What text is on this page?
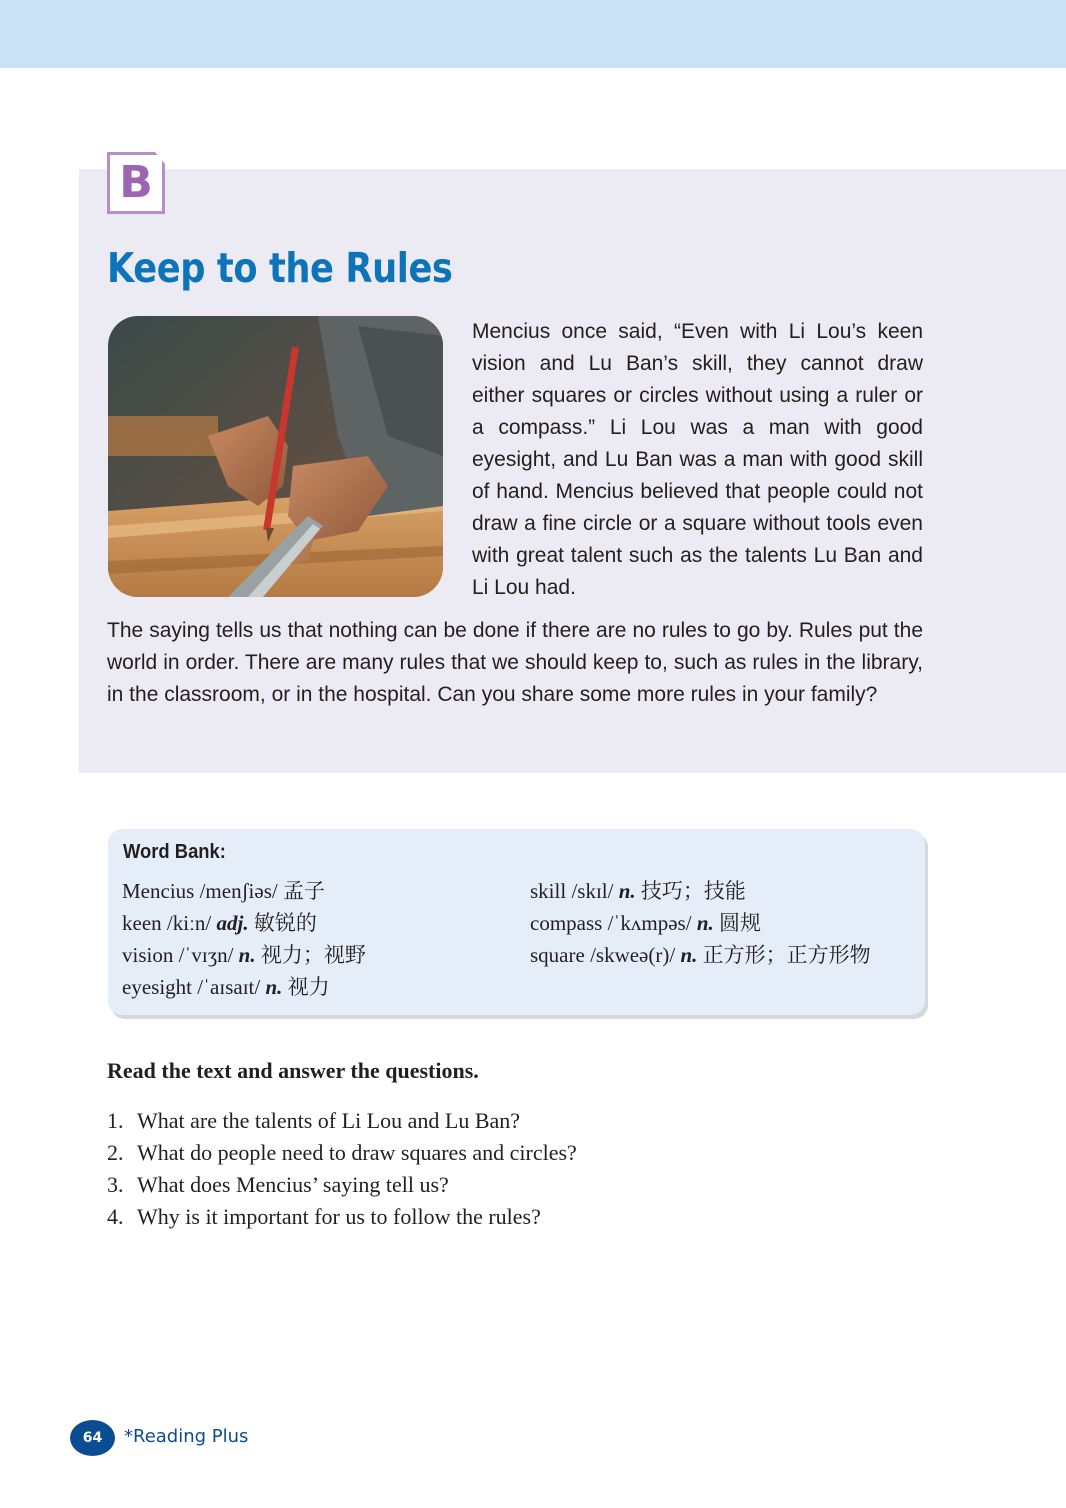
B
Keep to the Rules

Mencius once said, “Even with Li Lou’s keen vision and Lu Ban’s skill, they cannot draw either squares or circles without using a ruler or a compass.” Li Lou was a man with good eyesight, and Lu Ban was a man with good skill of hand. Mencius believed that people could not draw a fine circle or a square without tools even with great talent such as the talents Lu Ban and Li Lou had.

The saying tells us that nothing can be done if there are no rules to go by. Rules put the world in order. There are many rules that we should keep to, such as rules in the library, in the classroom, or in the hospital. Can you share some more rules in your family?

Word Bank:
Mencius /menʃiəs/ 孟子
keen /kiːn/ adj. 敏锐的
vision /ˈvɪʒn/ n. 视力；视野
eyesight /ˈaɪsaɪt/ n. 视力
skill /skɪl/ n. 技巧；技能
compass /ˈkʌmpəs/ n. 圆规
square /skweə(r)/ n. 正方形；正方形物

Read the text and answer the questions.

1. What are the talents of Li Lou and Lu Ban?
2. What do people need to draw squares and circles?
3. What does Mencius’ saying tell us?
4. Why is it important for us to follow the rules?
64	*Reading Plus
